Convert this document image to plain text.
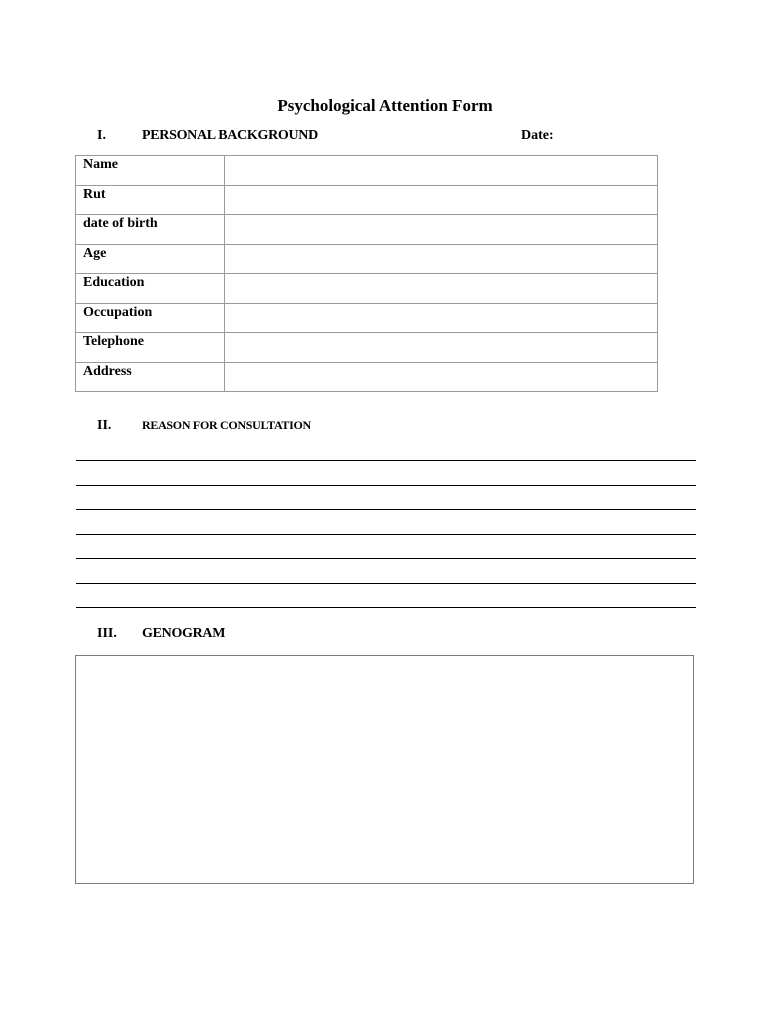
Psychological Attention Form
I.	PERSONAL BACKGROUND	Date:
Name	
Rut	
date of birth	
Age	
Education	
Occupation	
Telephone	
Address	
II.	REASON FOR CONSULTATION
III. GENOGRAM
